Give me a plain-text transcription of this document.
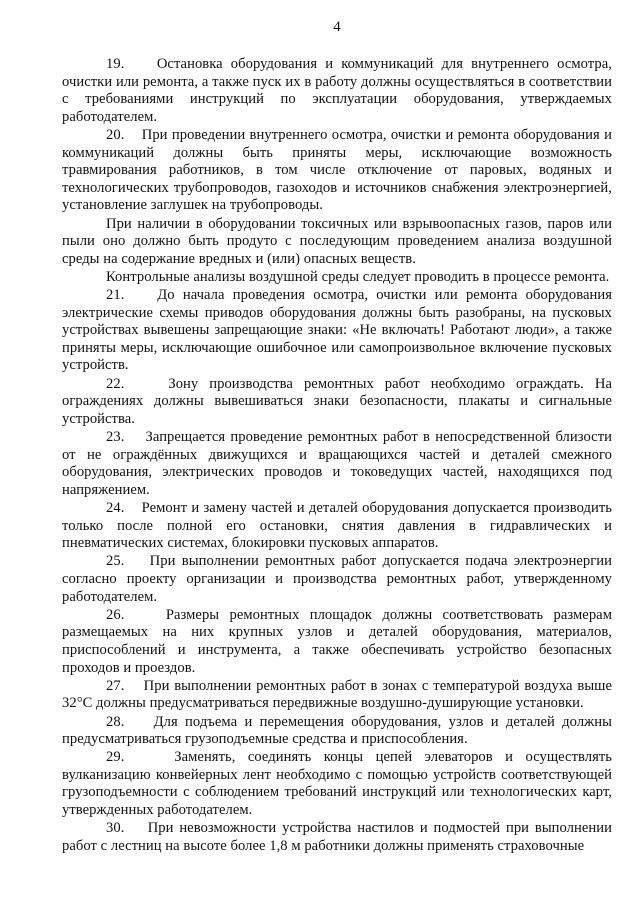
4

19.    Остановка оборудования и коммуникаций для внутреннего осмотра, очистки или ремонта, а также пуск их в работу должны осуществляться в соответствии с требованиями инструкций по эксплуатации оборудования, утверждаемых работодателем.

20.    При проведении внутреннего осмотра, очистки и ремонта оборудования и коммуникаций должны быть приняты меры, исключающие возможность травмирования работников, в том числе отключение от паровых, водяных и технологических трубопроводов, газоходов и источников снабжения электроэнергией, установление заглушек на трубопроводы.

При наличии в оборудовании токсичных или взрывоопасных газов, паров или пыли оно должно быть продуто с последующим проведением анализа воздушной среды на содержание вредных и (или) опасных веществ.

Контрольные анализы воздушной среды следует проводить в процессе ремонта.

21.    До начала проведения осмотра, очистки или ремонта оборудования электрические схемы приводов оборудования должны быть разобраны, на пусковых устройствах вывешены запрещающие знаки: «Не включать! Работают люди», а также приняты меры, исключающие ошибочное или самопроизвольное включение пусковых устройств.

22.    Зону производства ремонтных работ необходимо ограждать. На ограждениях должны вывешиваться знаки безопасности, плакаты и сигнальные устройства.

23.    Запрещается проведение ремонтных работ в непосредственной близости от не ограждённых движущихся и вращающихся частей и деталей смежного оборудования, электрических проводов и токоведущих частей, находящихся под напряжением.

24.    Ремонт и замену частей и деталей оборудования допускается производить только после полной его остановки, снятия давления в гидравлических и пневматических системах, блокировки пусковых аппаратов.

25.    При выполнении ремонтных работ допускается подача электроэнергии согласно проекту организации и производства ремонтных работ, утвержденному работодателем.

26.    Размеры ремонтных площадок должны соответствовать размерам размещаемых на них крупных узлов и деталей оборудования, материалов, приспособлений и инструмента, а также обеспечивать устройство безопасных проходов и проездов.

27.    При выполнении ремонтных работ в зонах с температурой воздуха выше 32°С должны предусматриваться передвижные воздушно-душирующие установки.

28.    Для подъема и перемещения оборудования, узлов и деталей должны предусматриваться грузоподъемные средства и приспособления.

29.    Заменять, соединять концы цепей элеваторов и осуществлять вулканизацию конвейерных лент необходимо с помощью устройств соответствующей грузоподъемности с соблюдением требований инструкций или технологических карт, утвержденных работодателем.

30.    При невозможности устройства настилов и подмостей при выполнении работ с лестниц на высоте более 1,8 м работники должны применять страховочные
